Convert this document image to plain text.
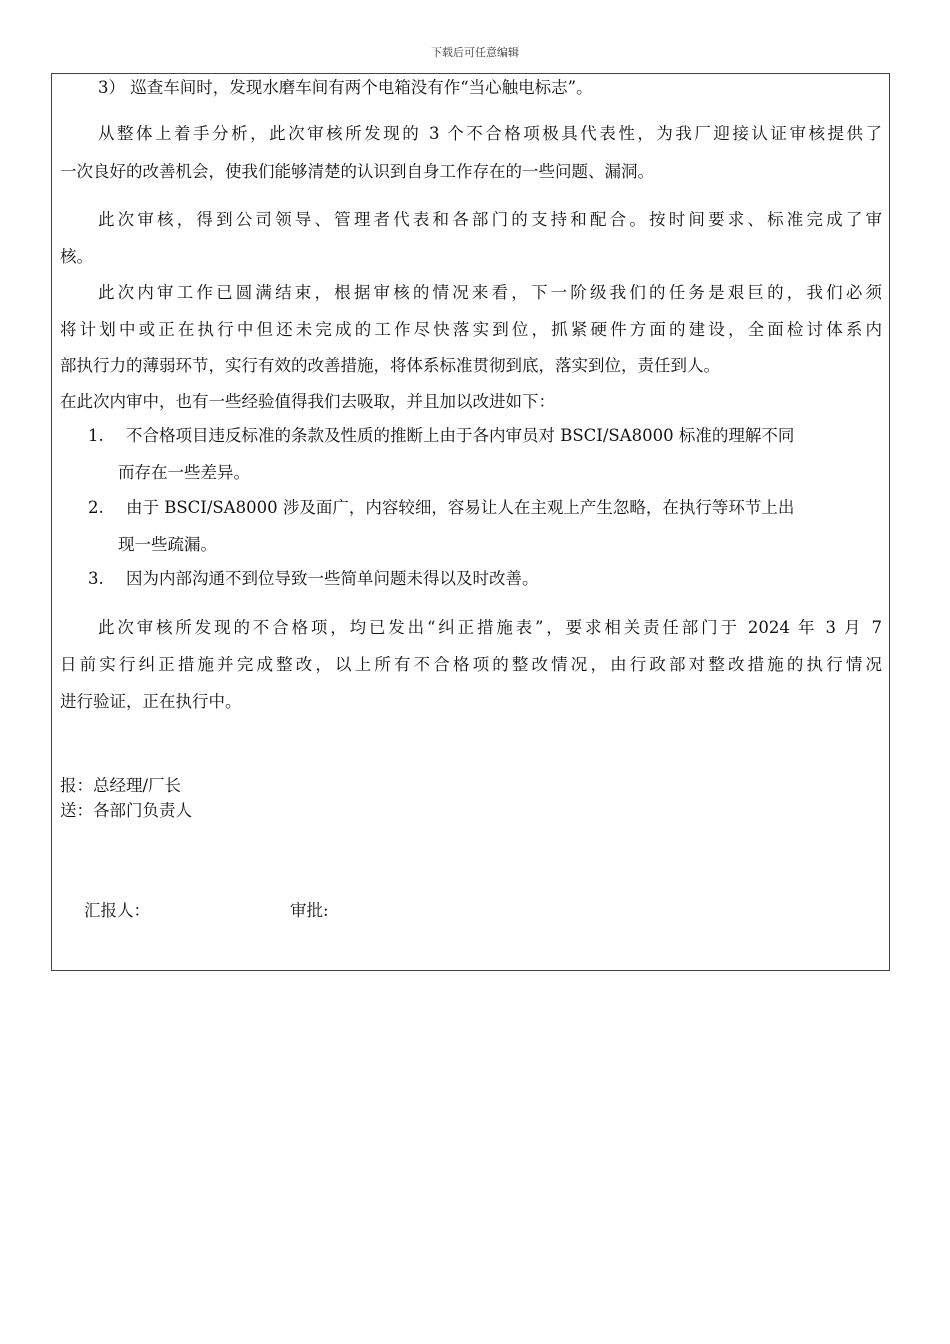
下载后可任意编辑
3） 巡查车间时，发现水磨车间有两个电箱没有作“当心触电标志”。
从整体上着手分析，此次审核所发现的 3 个不合格项极具代表性，为我厂迎接认证审核提供了
一次良好的改善机会，使我们能够清楚的认识到自身工作存在的一些问题、漏洞。
此次审核，得到公司领导、管理者代表和各部门的支持和配合。按时间要求、标准完成了审
核。
此次内审工作已圆满结束，根据审核的情况来看，下一阶级我们的任务是艰巨的，我们必须
将计划中或正在执行中但还未完成的工作尽快落实到位，抓紧硬件方面的建设，全面检讨体系内
部执行力的薄弱环节，实行有效的改善措施，将体系标准贯彻到底，落实到位，责任到人。
在此次内审中，也有一些经验值得我们去吸取，并且加以改进如下：
1. 不合格项目违反标准的条款及性质的推断上由于各内审员对 BSCI/SA8000 标准的理解不同
而存在一些差异。
2. 由于 BSCI/SA8000 涉及面广，内容较细，容易让人在主观上产生忽略，在执行等环节上出
现一些疏漏。
3. 因为内部沟通不到位导致一些简单问题未得以及时改善。
此次审核所发现的不合格项，均已发出“纠正措施表”，要求相关责任部门于 2024 年 3 月 7
日前实行纠正措施并完成整改，以上所有不合格项的整改情况，由行政部对整改措施的执行情况
进行验证，正在执行中。
报：总经理/厂长
送：各部门负责人
汇报人：	审批:
